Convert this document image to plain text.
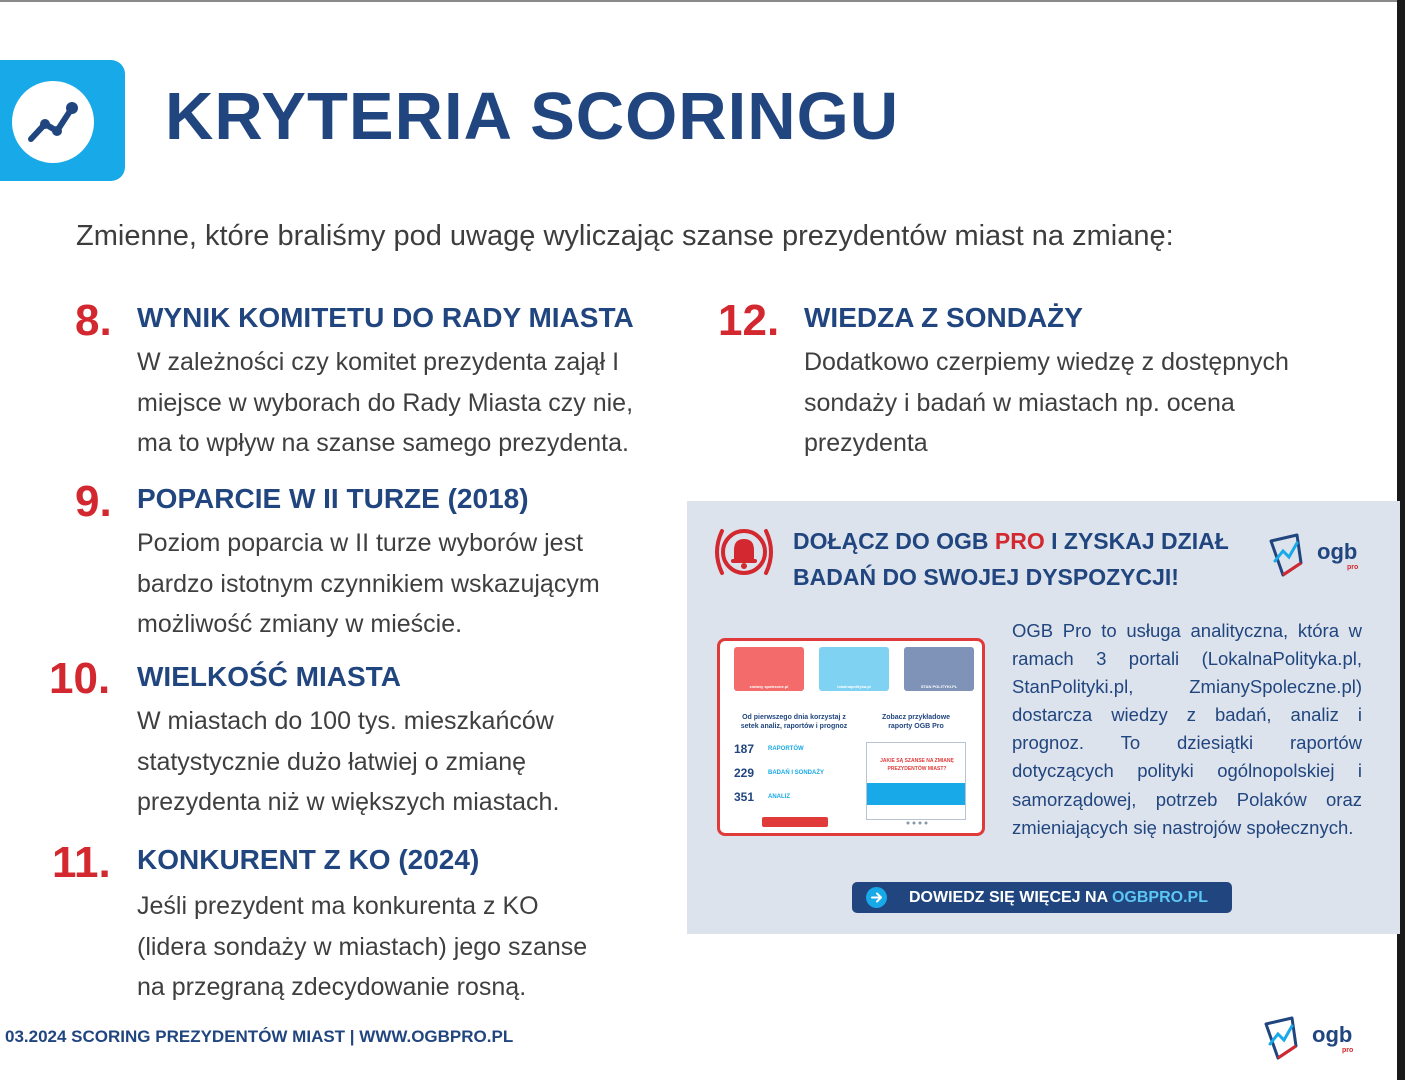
KRYTERIA SCORINGU
Zmienne, które braliśmy pod uwagę wyliczając szanse prezydentów miast na zmianę:
8. WYNIK KOMITETU DO RADY MIASTA
W zależności czy komitet prezydenta zajął I
miejsce w wyborach do Rady Miasta czy nie,
ma to wpływ na szanse samego prezydenta.
9. POPARCIE W II TURZE (2018)
Poziom poparcia w II turze wyborów jest
bardzo istotnym czynnikiem wskazującym
możliwość zmiany w mieście.
10. WIELKOŚĆ MIASTA
W miastach do 100 tys. mieszkańców
statystycznie dużo łatwiej o zmianę
prezydenta niż w większych miastach.
11. KONKURENT Z KO (2024)
Jeśli prezydent ma konkurenta z KO
(lidera sondaży w miastach) jego szanse
na przegraną zdecydowanie rosną.
12. WIEDZA Z SONDAŻY
Dodatkowo czerpiemy wiedzę z dostępnych
sondaży i badań w miastach np. ocena
prezydenta
DOŁĄCZ DO OGB PRO I ZYSKAJ DZIAŁ
BADAŃ DO SWOJEJ DYSPOZYCJI!
ogb
pro
zmiany społeczne.pl	lokalnapolityka.pl	STAN POLITYKI.PL
Od pierwszego dnia korzystaj z setek analiz, raportów i prognoz
Zobacz przykładowe raporty OGB Pro
187 RAPORTÓW
229 BADAŃ I SONDAŻY
351 ANALIZ
JAKIE SĄ SZANSE NA ZMIANĘ PREZYDENTÓW MIAST?
OGB Pro to usługa analityczna, która w ramach 3 portali (LokalnaPolityka.pl, StanPolityki.pl, ZmianySpoleczne.pl) dostarcza wiedzy z badań, analiz i prognoz. To dziesiątki raportów dotyczących polityki ogólnopolskiej i samorządowej, potrzeb Polaków oraz zmieniających się nastrojów społecznych.
DOWIEDZ SIĘ WIĘCEJ NA OGBPRO.PL
03.2024 SCORING PREZYDENTÓW MIAST | WWW.OGBPRO.PL	ogb
pro
